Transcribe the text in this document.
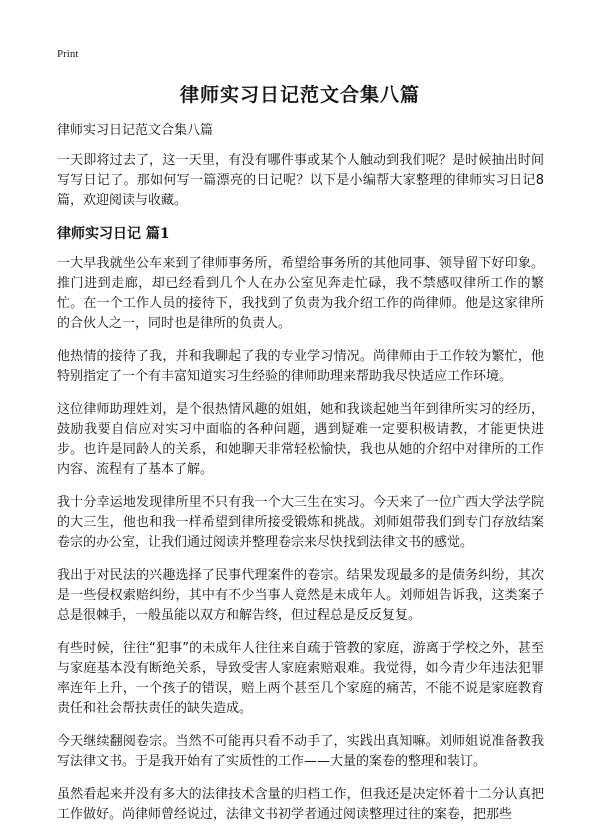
Print
律师实习日记范文合集八篇

律师实习日记范文合集八篇

一天即将过去了，这一天里，有没有哪件事或某个人触动到我们呢？是时候抽出时间写写日记了。那如何写一篇漂亮的日记呢？以下是小编帮大家整理的律师实习日记8篇，欢迎阅读与收藏。

律师实习日记 篇1

一大早我就坐公车来到了律师事务所，希望给事务所的其他同事、领导留下好印象。推门进到走廊，却已经看到几个人在办公室见奔走忙碌，我不禁感叹律所工作的繁忙。在一个工作人员的接待下，我找到了负责为我介绍工作的尚律师。他是这家律所的合伙人之一，同时也是律所的负责人。

他热情的接待了我，并和我聊起了我的专业学习情况。尚律师由于工作较为繁忙，他特别指定了一个有丰富知道实习生经验的律师助理来帮助我尽快适应工作环境。

这位律师助理姓刘，是个很热情风趣的姐姐，她和我谈起她当年到律所实习的经历，鼓励我要自信应对实习中面临的各种问题，遇到疑难一定要积极请教，才能更快进步。也许是同龄人的关系，和她聊天非常轻松愉快，我也从她的介绍中对律所的工作内容、流程有了基本了解。

我十分幸运地发现律所里不只有我一个大三生在实习。今天来了一位广西大学法学院的大三生，他也和我一样希望到律所接受锻炼和挑战。刘师姐带我们到专门存放结案卷宗的办公室，让我们通过阅读并整理卷宗来尽快找到法律文书的感觉。

我出于对民法的兴趣选择了民事代理案件的卷宗。结果发现最多的是债务纠纷，其次是一些侵权索赔纠纷，其中有不少当事人竟然是未成年人。刘师姐告诉我，这类案子总是很棘手，一般虽能以双方和解告终，但过程总是反反复复。

有些时候，往往“犯事”的未成年人往往来自疏于管教的家庭，游离于学校之外，甚至与家庭基本没有断绝关系，导致受害人家庭索赔艰难。我觉得，如今青少年违法犯罪率连年上升，一个孩子的错误，赔上两个甚至几个家庭的痛苦，不能不说是家庭教育责任和社会帮扶责任的缺失造成。

今天继续翻阅卷宗。当然不可能再只看不动手了，实践出真知嘛。刘师姐说准备教我写法律文书。于是我开始有了实质性的工作——大量的案卷的整理和装订。

虽然看起来并没有多大的法律技术含量的归档工作，但我还是决定怀着十二分认真把工作做好。尚律师曾经说过，法律文书初学者通过阅读整理过往的案卷，把那些
